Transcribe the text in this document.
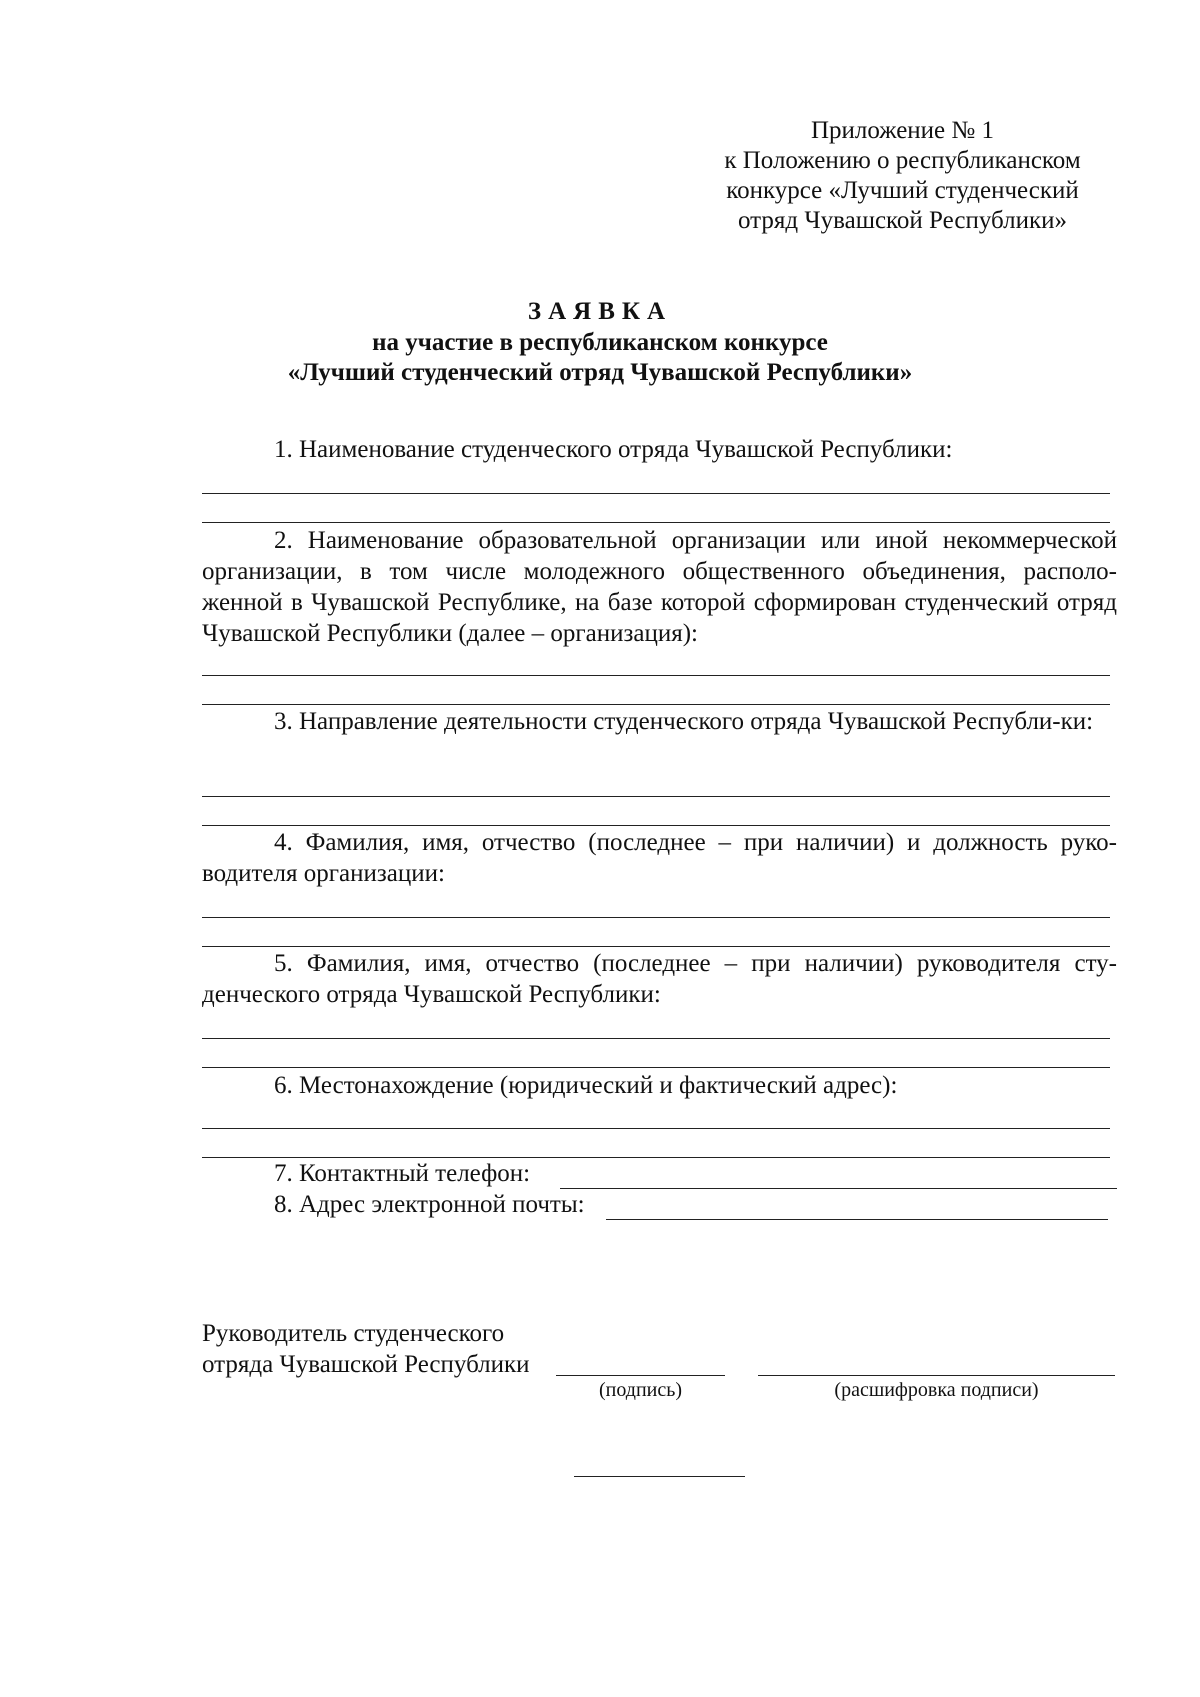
Приложение № 1
к Положению о республиканском
конкурсе «Лучший студенческий
отряд Чувашской Республики»
ЗАЯВКА
на участие в республиканском конкурсе
«Лучший студенческий отряд Чувашской Республики»
1. Наименование студенческого отряда Чувашской Республики:
2. Наименование образовательной организации или иной некоммерческой организации, в том числе молодежного общественного объединения, располо-женной в Чувашской Республике, на базе которой сформирован студенческий отряд Чувашской Республики (далее – организация):
3. Направление деятельности студенческого отряда Чувашской Республи-ки:
4. Фамилия, имя, отчество (последнее – при наличии) и должность руко-водителя организации:
5. Фамилия, имя, отчество (последнее – при наличии) руководителя сту-денческого отряда Чувашской Республики:
6. Местонахождение (юридический и фактический адрес):
7. Контактный телефон:
8. Адрес электронной почты:
Руководитель студенческого
отряда Чувашской Республики
(подпись)	(расшифровка подписи)
